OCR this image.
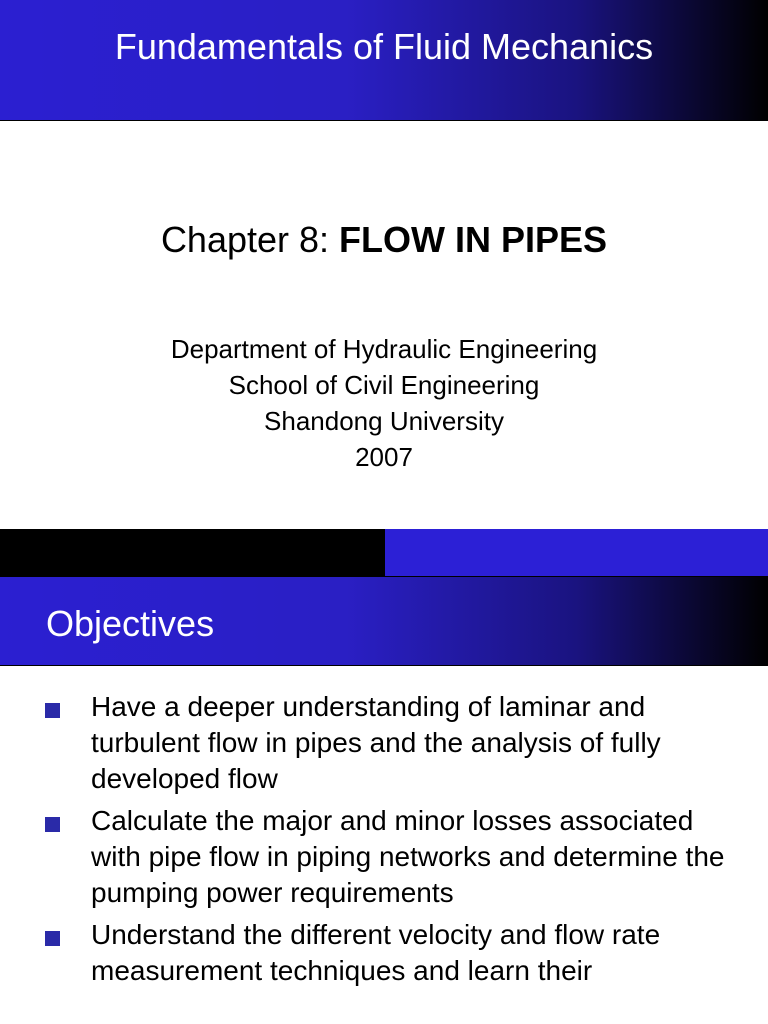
Fundamentals of Fluid Mechanics
Chapter 8: FLOW IN PIPES
Department of Hydraulic Engineering
School of Civil Engineering
Shandong University
2007
Objectives
Have a deeper understanding of laminar and turbulent flow in pipes and the analysis of fully developed flow
Calculate the major and minor losses associated with pipe flow in piping networks and determine the pumping power requirements
Understand the different velocity and flow rate measurement techniques and learn their
